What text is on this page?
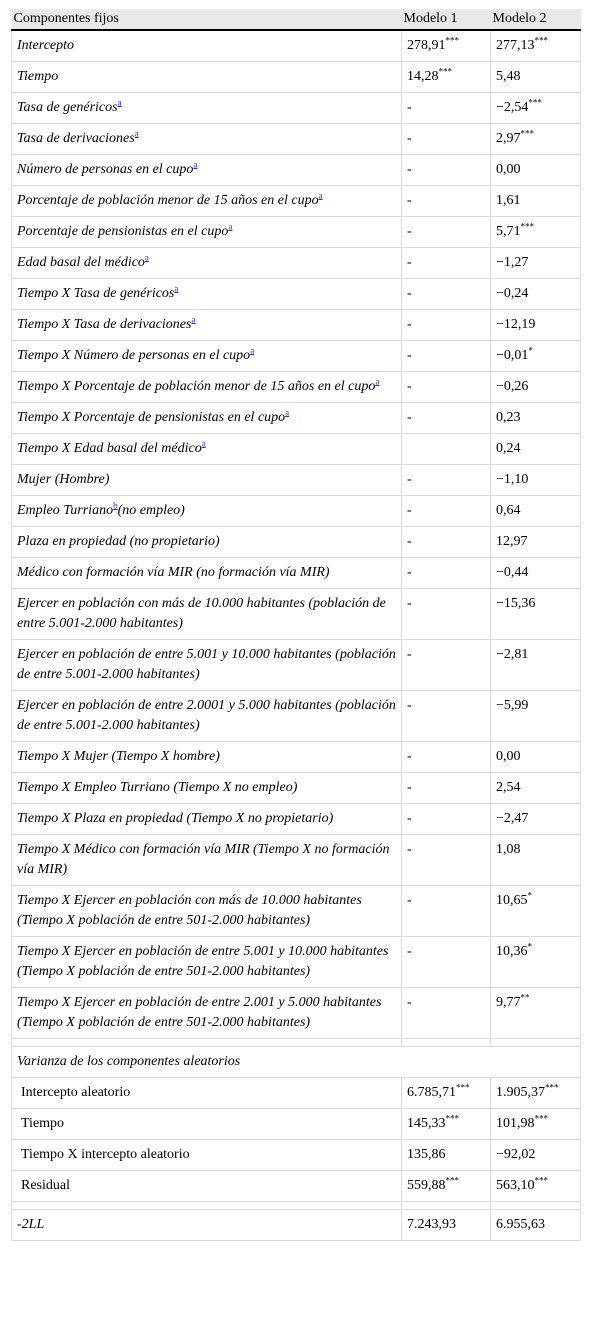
Componentes fijos	Modelo 1	Modelo 2
Intercepto	278,91***	277,13***
Tiempo	14,28***	5,48
Tasa de genéricos$^a$	-	−2,54***
Tasa de derivaciones$^a$	-	2,97***
Número de personas en el cupo$^a$	-	0,00
Porcentaje de población menor de 15 años en el cupo$^a$	-	1,61
Porcentaje de pensionistas en el cupo$^a$	-	5,71***
Edad basal del médico$^a$	-	−1,27
Tiempo X Tasa de genéricos$^a$	-	−0,24
Tiempo X Tasa de derivaciones$^a$	-	−12,19
Tiempo X Número de personas en el cupo$^a$	-	−0,01*
Tiempo X Porcentaje de población menor de 15 años en el cupo$^a$	-	−0,26
Tiempo X Porcentaje de pensionistas en el cupo$^a$	-	0,23
Tiempo X Edad basal del médico$^a$		0,24
Mujer (Hombre)	-	−1,10
Empleo Turriano$^b$(no empleo)	-	0,64
Plaza en propiedad (no propietario)	-	12,97
Médico con formación vía MIR (no formación vía MIR)	-	−0,44
Ejercer en población con más de 10.000 habitantes (población de entre 5.001-2.000 habitantes)	-	−15,36
Ejercer en población de entre 5.001 y 10.000 habitantes (población de entre 5.001-2.000 habitantes)	-	−2,81
Ejercer en población de entre 2.0001 y 5.000 habitantes (población de entre 5.001-2.000 habitantes)	-	−5,99
Tiempo X Mujer (Tiempo X hombre)	-	0,00
Tiempo X Empleo Turriano (Tiempo X no empleo)	-	2,54
Tiempo X Plaza en propiedad (Tiempo X no propietario)	-	−2,47
Tiempo X Médico con formación vía MIR (Tiempo X no formación vía MIR)	-	1,08
Tiempo X Ejercer en población con más de 10.000 habitantes (Tiempo X población de entre 501-2.000 habitantes)	-	10,65*
Tiempo X Ejercer en población de entre 5.001 y 10.000 habitantes (Tiempo X población de entre 501-2.000 habitantes)	-	10,36*
Tiempo X Ejercer en población de entre 2.001 y 5.000 habitantes (Tiempo X población de entre 501-2.000 habitantes)	-	9,77**

Varianza de los componentes aleatorios		
Intercepto aleatorio	6.785,71***	1.905,37***
Tiempo	145,33***	101,98***
Tiempo X intercepto aleatorio	135,86	−92,02
Residual	559,88***	563,10***

-2LL	7.243,93	6.955,63
